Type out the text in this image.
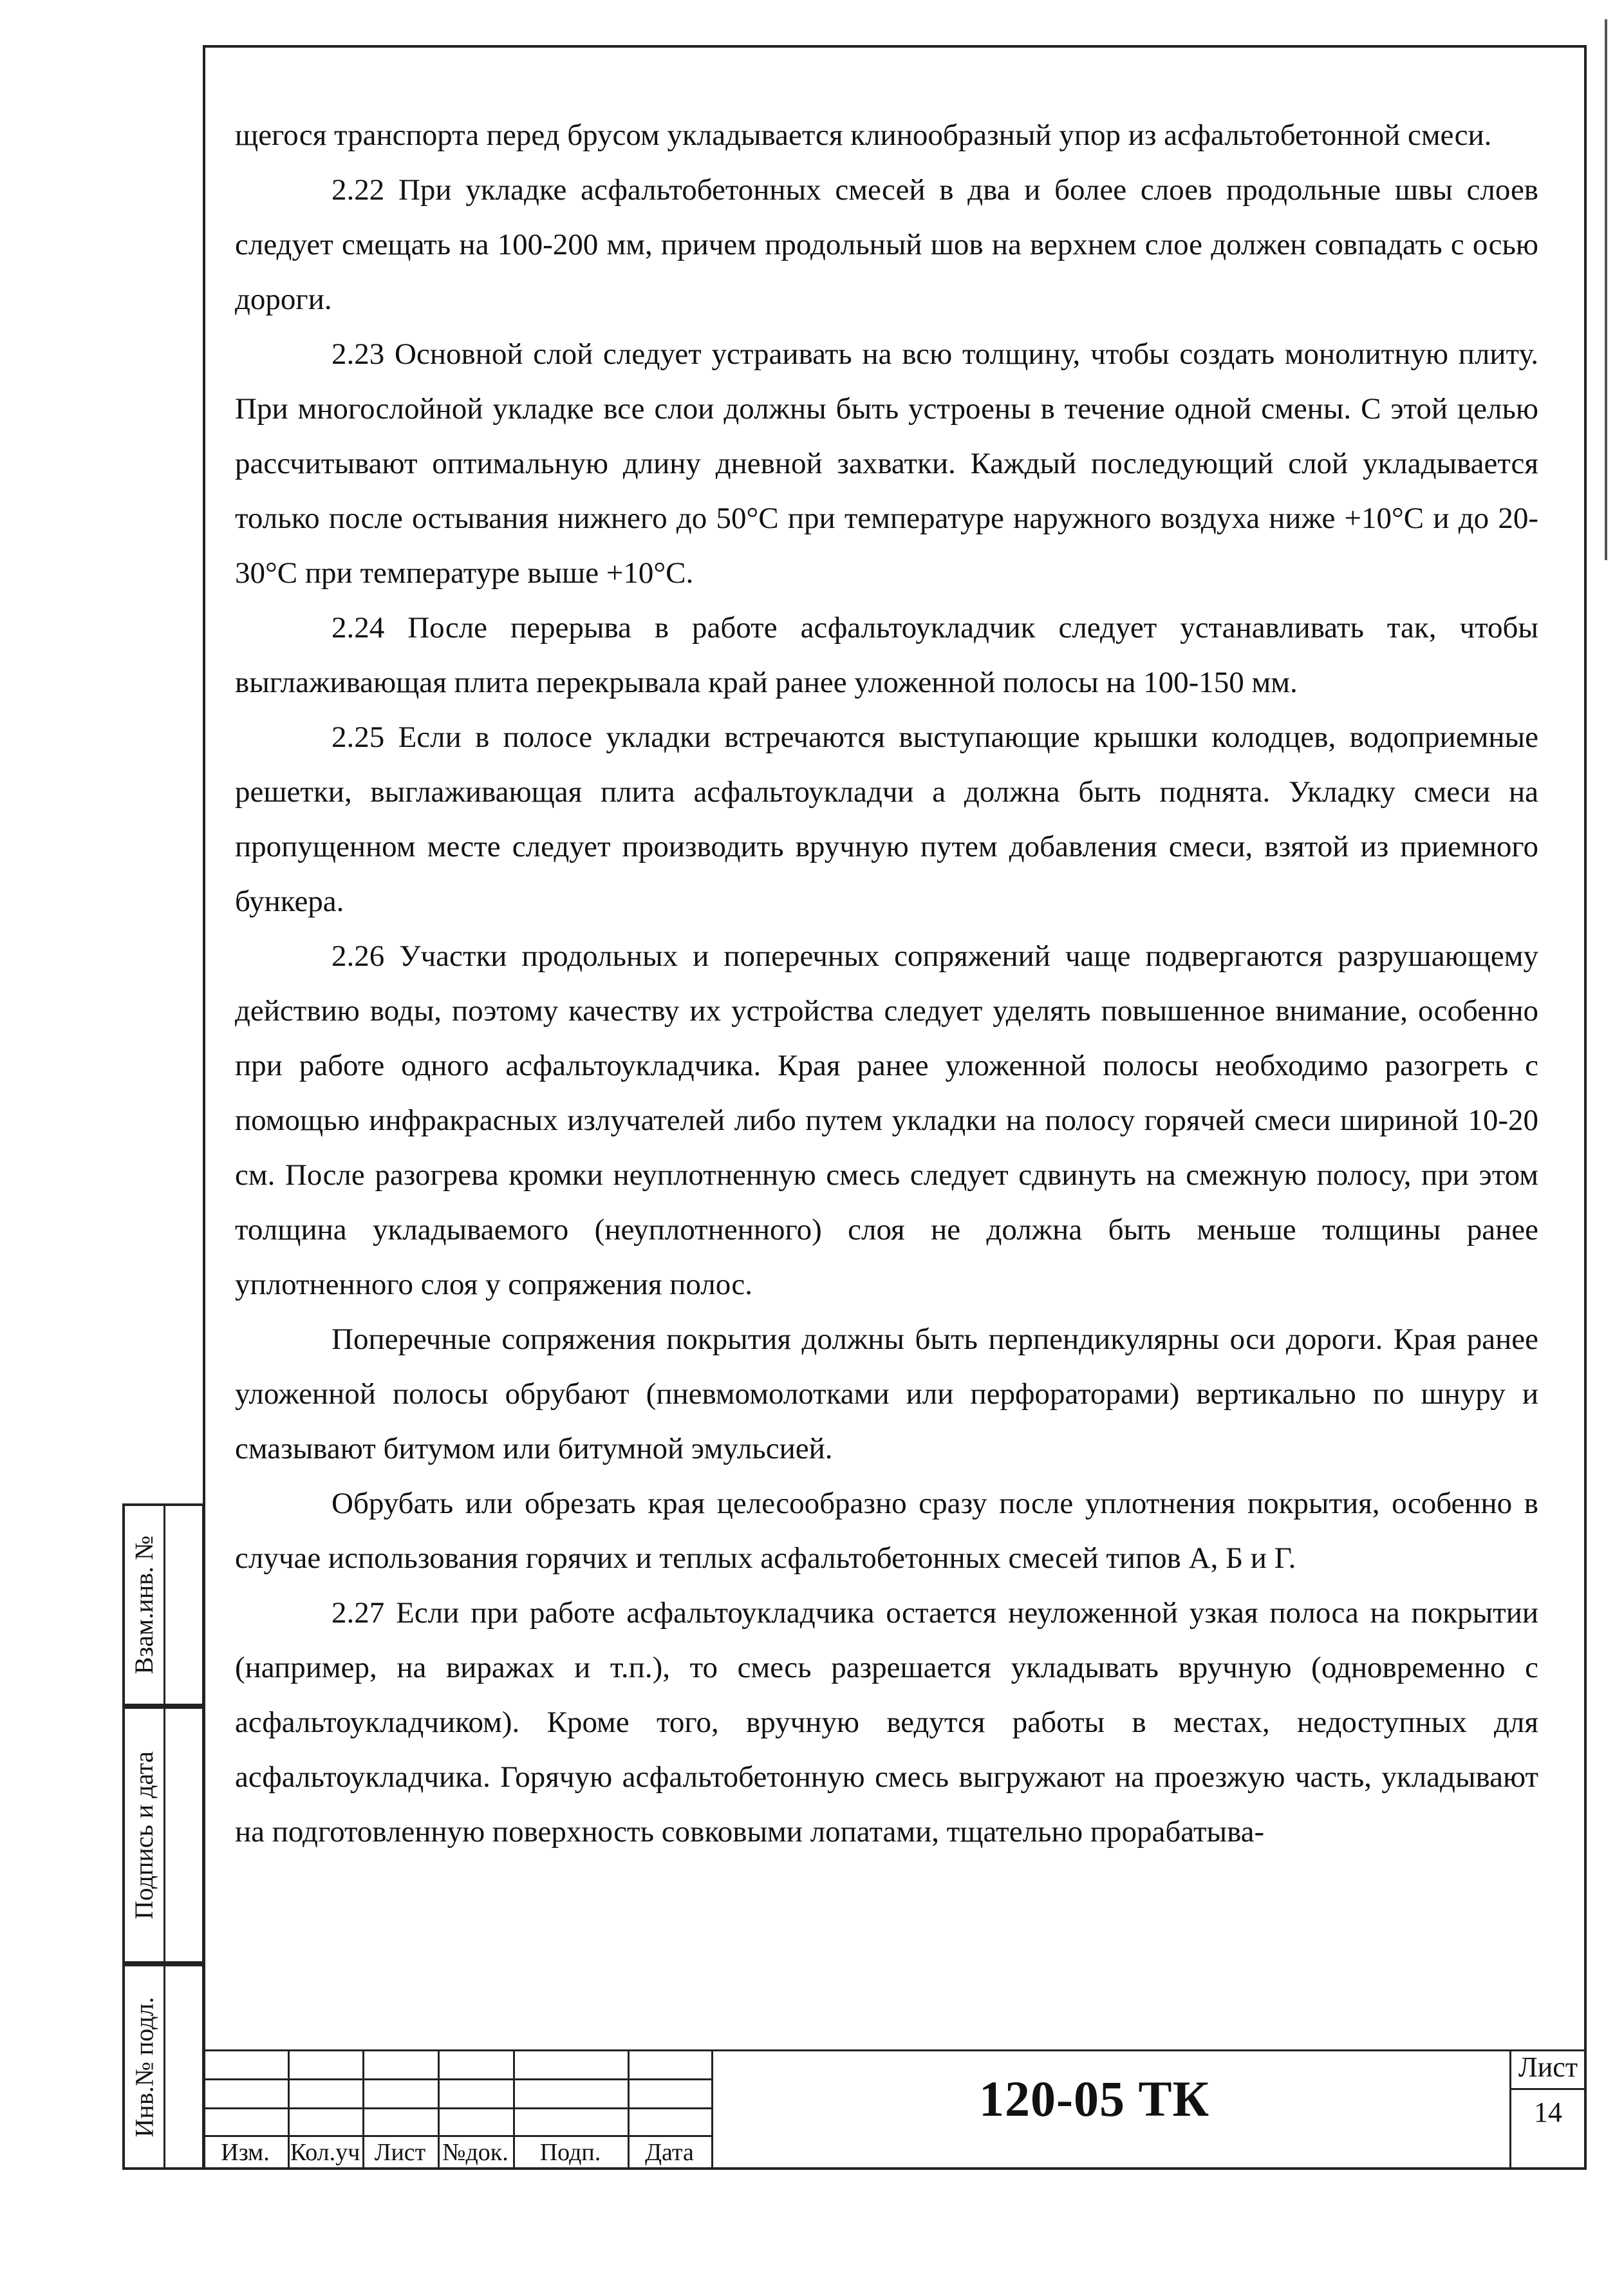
щегося транспорта перед брусом укладывается клинообразный упор из асфальтобетонной смеси.

2.22 При укладке асфальтобетонных смесей в два и более слоев продольные швы слоев следует смещать на 100-200 мм, причем продольный шов на верхнем слое должен совпадать с осью дороги.

2.23 Основной слой следует устраивать на всю толщину, чтобы создать монолитную плиту. При многослойной укладке все слои должны быть устроены в течение одной смены. С этой целью рассчитывают оптимальную длину дневной захватки. Каждый последующий слой укладывается только после остывания нижнего до 50°С при температуре наружного воздуха ниже +10°С и до 20-30°С при температуре выше +10°С.

2.24 После перерыва в работе асфальтоукладчик следует устанавливать так, чтобы выглаживающая плита перекрывала край ранее уложенной полосы на 100-150 мм.

2.25 Если в полосе укладки встречаются выступающие крышки колодцев, водоприемные решетки, выглаживающая плита асфальтоукладчи а должна быть поднята. Укладку смеси на пропущенном месте следует производить вручную путем добавления смеси, взятой из приемного бункера.

2.26 Участки продольных и поперечных сопряжений чаще подвергаются разрушающему действию воды, поэтому качеству их устройства следует уделять повышенное внимание, особенно при работе одного асфальтоукладчика. Края ранее уложенной полосы необходимо разогреть с помощью инфракрасных излучателей либо путем укладки на полосу горячей смеси шириной 10-20 см. После разогрева кромки неуплотненную смесь следует сдвинуть на смежную полосу, при этом толщина укладываемого (неуплотненного) слоя не должна быть меньше толщины ранее уплотненного слоя у сопряжения полос.

Поперечные сопряжения покрытия должны быть перпендикулярны оси дороги. Края ранее уложенной полосы обрубают (пневмомолотками или перфораторами) вертикально по шнуру и смазывают битумом или битумной эмульсией.

Обрубать или обрезать края целесообразно сразу после уплотнения покрытия, особенно в случае использования горячих и теплых асфальтобетонных смесей типов А, Б и Г.

2.27 Если при работе асфальтоукладчика остается неуложенной узкая полоса на покрытии (например, на виражах и т.п.), то смесь разрешается укладывать вручную (одновременно с асфальтоукладчиком). Кроме того, вручную ведутся работы в местах, недоступных для асфальтоукладчика. Горячую асфальтобетонную смесь выгружают на проезжую часть, укладывают на подготовленную поверхность совковыми лопатами, тщательно прорабатыва-

Взам.инв. №
Подпись и дата
Инв.№ подл.
Изм. Кол.уч Лист №док.	Подп.	Дата
120-05 ТК
Лист
14
